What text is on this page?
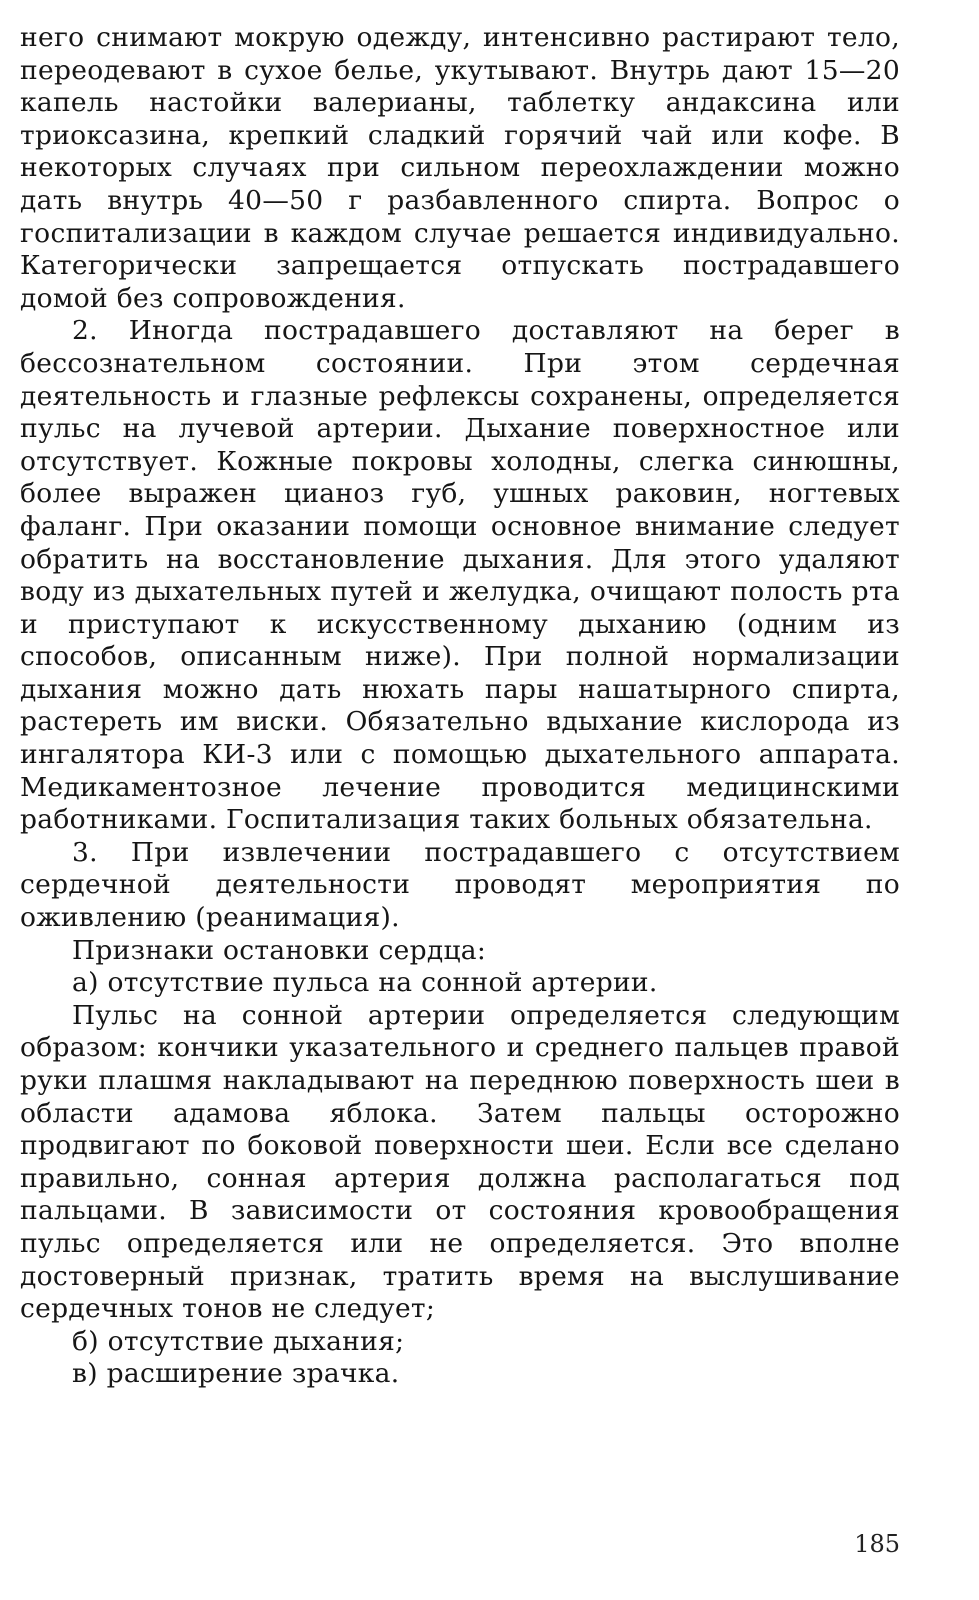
него снимают мокрую одежду, интенсивно растирают тело, переодевают в сухое белье, укутывают. Внутрь дают 15—20 капель настойки валерианы, таблетку андаксина или триоксазина, крепкий сладкий горячий чай или кофе. В некоторых случаях при сильном переохлаждении можно дать внутрь 40—50 г разбавленного спирта. Вопрос о госпитализации в каждом случае решается индивидуально. Категорически запрещается отпускать пострадавшего домой без сопровождения.

2. Иногда пострадавшего доставляют на берег в бессознательном состоянии. При этом сердечная деятельность и глазные рефлексы сохранены, определяется пульс на лучевой артерии. Дыхание поверхностное или отсутствует. Кожные покровы холодны, слегка синюшны, более выражен цианоз губ, ушных раковин, ногтевых фаланг. При оказании помощи основное внимание следует обратить на восстановление дыхания. Для этого удаляют воду из дыхательных путей и желудка, очищают полость рта и приступают к искусственному дыханию (одним из способов, описанным ниже). При полной нормализации дыхания можно дать нюхать пары нашатырного спирта, растереть им виски. Обязательно вдыхание кислорода из ингалятора КИ-3 или с помощью дыхательного аппарата. Медикаментозное лечение проводится медицинскими работниками. Госпитализация таких больных обязательна.

3. При извлечении пострадавшего с отсутствием сердечной деятельности проводят мероприятия по оживлению (реанимация).

Признаки остановки сердца:

а) отсутствие пульса на сонной артерии.

Пульс на сонной артерии определяется следующим образом: кончики указательного и среднего пальцев правой руки плашмя накладывают на переднюю поверхность шеи в области адамова яблока. Затем пальцы осторожно продвигают по боковой поверхности шеи. Если все сделано правильно, сонная артерия должна располагаться под пальцами. В зависимости от состояния кровообращения пульс определяется или не определяется. Это вполне достоверный признак, тратить время на выслушивание сердечных тонов не следует;

б) отсутствие дыхания;

в) расширение зрачка.

185
